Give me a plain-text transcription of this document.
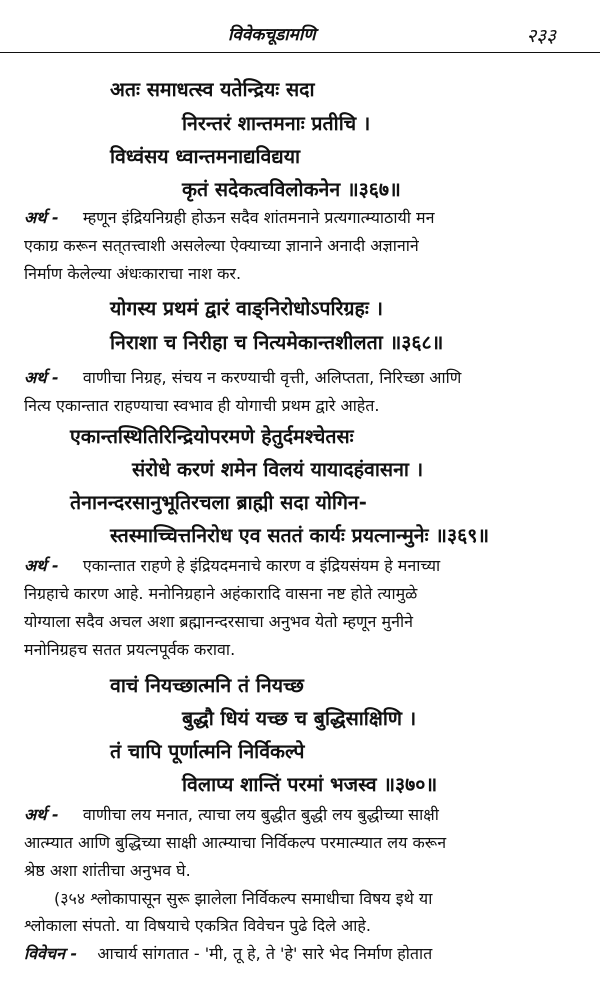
विवेकचूडामणि	२३३
अतः समाधत्स्व यतेन्द्रियः सदा
निरन्तरं शान्तमनाः प्रतीचि ।
विध्वंसय ध्वान्तमनाद्यविद्यया
कृतं सदेकत्वविलोकनेन ॥३६७॥
अर्थ - म्हणून इंद्रियनिग्रही होऊन सदैव शांतमनाने प्रत्यगात्म्याठायी मन
एकाग्र करून सत्‌तत्त्वाशी असलेल्या ऐक्याच्या ज्ञानाने अनादी अज्ञानाने
निर्माण केलेल्या अंधःकाराचा नाश कर.
योगस्य प्रथमं द्वारं वाङ्निरोधोऽपरिग्रहः ।
निराशा च निरीहा च नित्यमेकान्तशीलता ॥३६८॥
अर्थ - वाणीचा निग्रह, संचय न करण्याची वृत्ती, अलिप्तता, निरिच्छा आणि
नित्य एकान्तात राहण्याचा स्वभाव ही योगाची प्रथम द्वारे आहेत.
एकान्तस्थितिरिन्द्रियोपरमणे हेतुर्दमश्चेतसः
संरोधे करणं शमेन विलयं यायादहंवासना ।
तेनानन्दरसानुभूतिरचला ब्राह्मी सदा योगिन-
स्तस्माच्चित्तनिरोध एव सततं कार्यः प्रयत्नान्मुनेः ॥३६९॥
अर्थ - एकान्तात राहणे हे इंद्रियदमनाचे कारण व इंद्रियसंयम हे मनाच्या
निग्रहाचे कारण आहे. मनोनिग्रहाने अहंकारादि वासना नष्ट होते त्यामुळे
योग्याला सदैव अचल अशा ब्रह्मानन्दरसाचा अनुभव येतो म्हणून मुनीने
मनोनिग्रहच सतत प्रयत्नपूर्वक करावा.
वाचं नियच्छात्मनि तं नियच्छ
बुद्धौ धियं यच्छ च बुद्धिसाक्षिणि ।
तं चापि पूर्णात्मनि निर्विकल्पे
विलाप्य शान्तिं परमां भजस्व ॥३७०॥
अर्थ - वाणीचा लय मनात, त्याचा लय बुद्धीत बुद्धी लय बुद्धीच्या साक्षी
आत्म्यात आणि बुद्धिच्या साक्षी आत्म्याचा निर्विकल्प परमात्म्यात लय करून
श्रेष्ठ अशा शांतीचा अनुभव घे.
(३५४ श्लोकापासून सुरू झालेला निर्विकल्प समाधीचा विषय इथे या
श्लोकाला संपतो. या विषयाचे एकत्रित विवेचन पुढे दिले आहे.
विवेचन - आचार्य सांगतात - 'मी, तू हे, ते 'हे' सारे भेद निर्माण होतात
